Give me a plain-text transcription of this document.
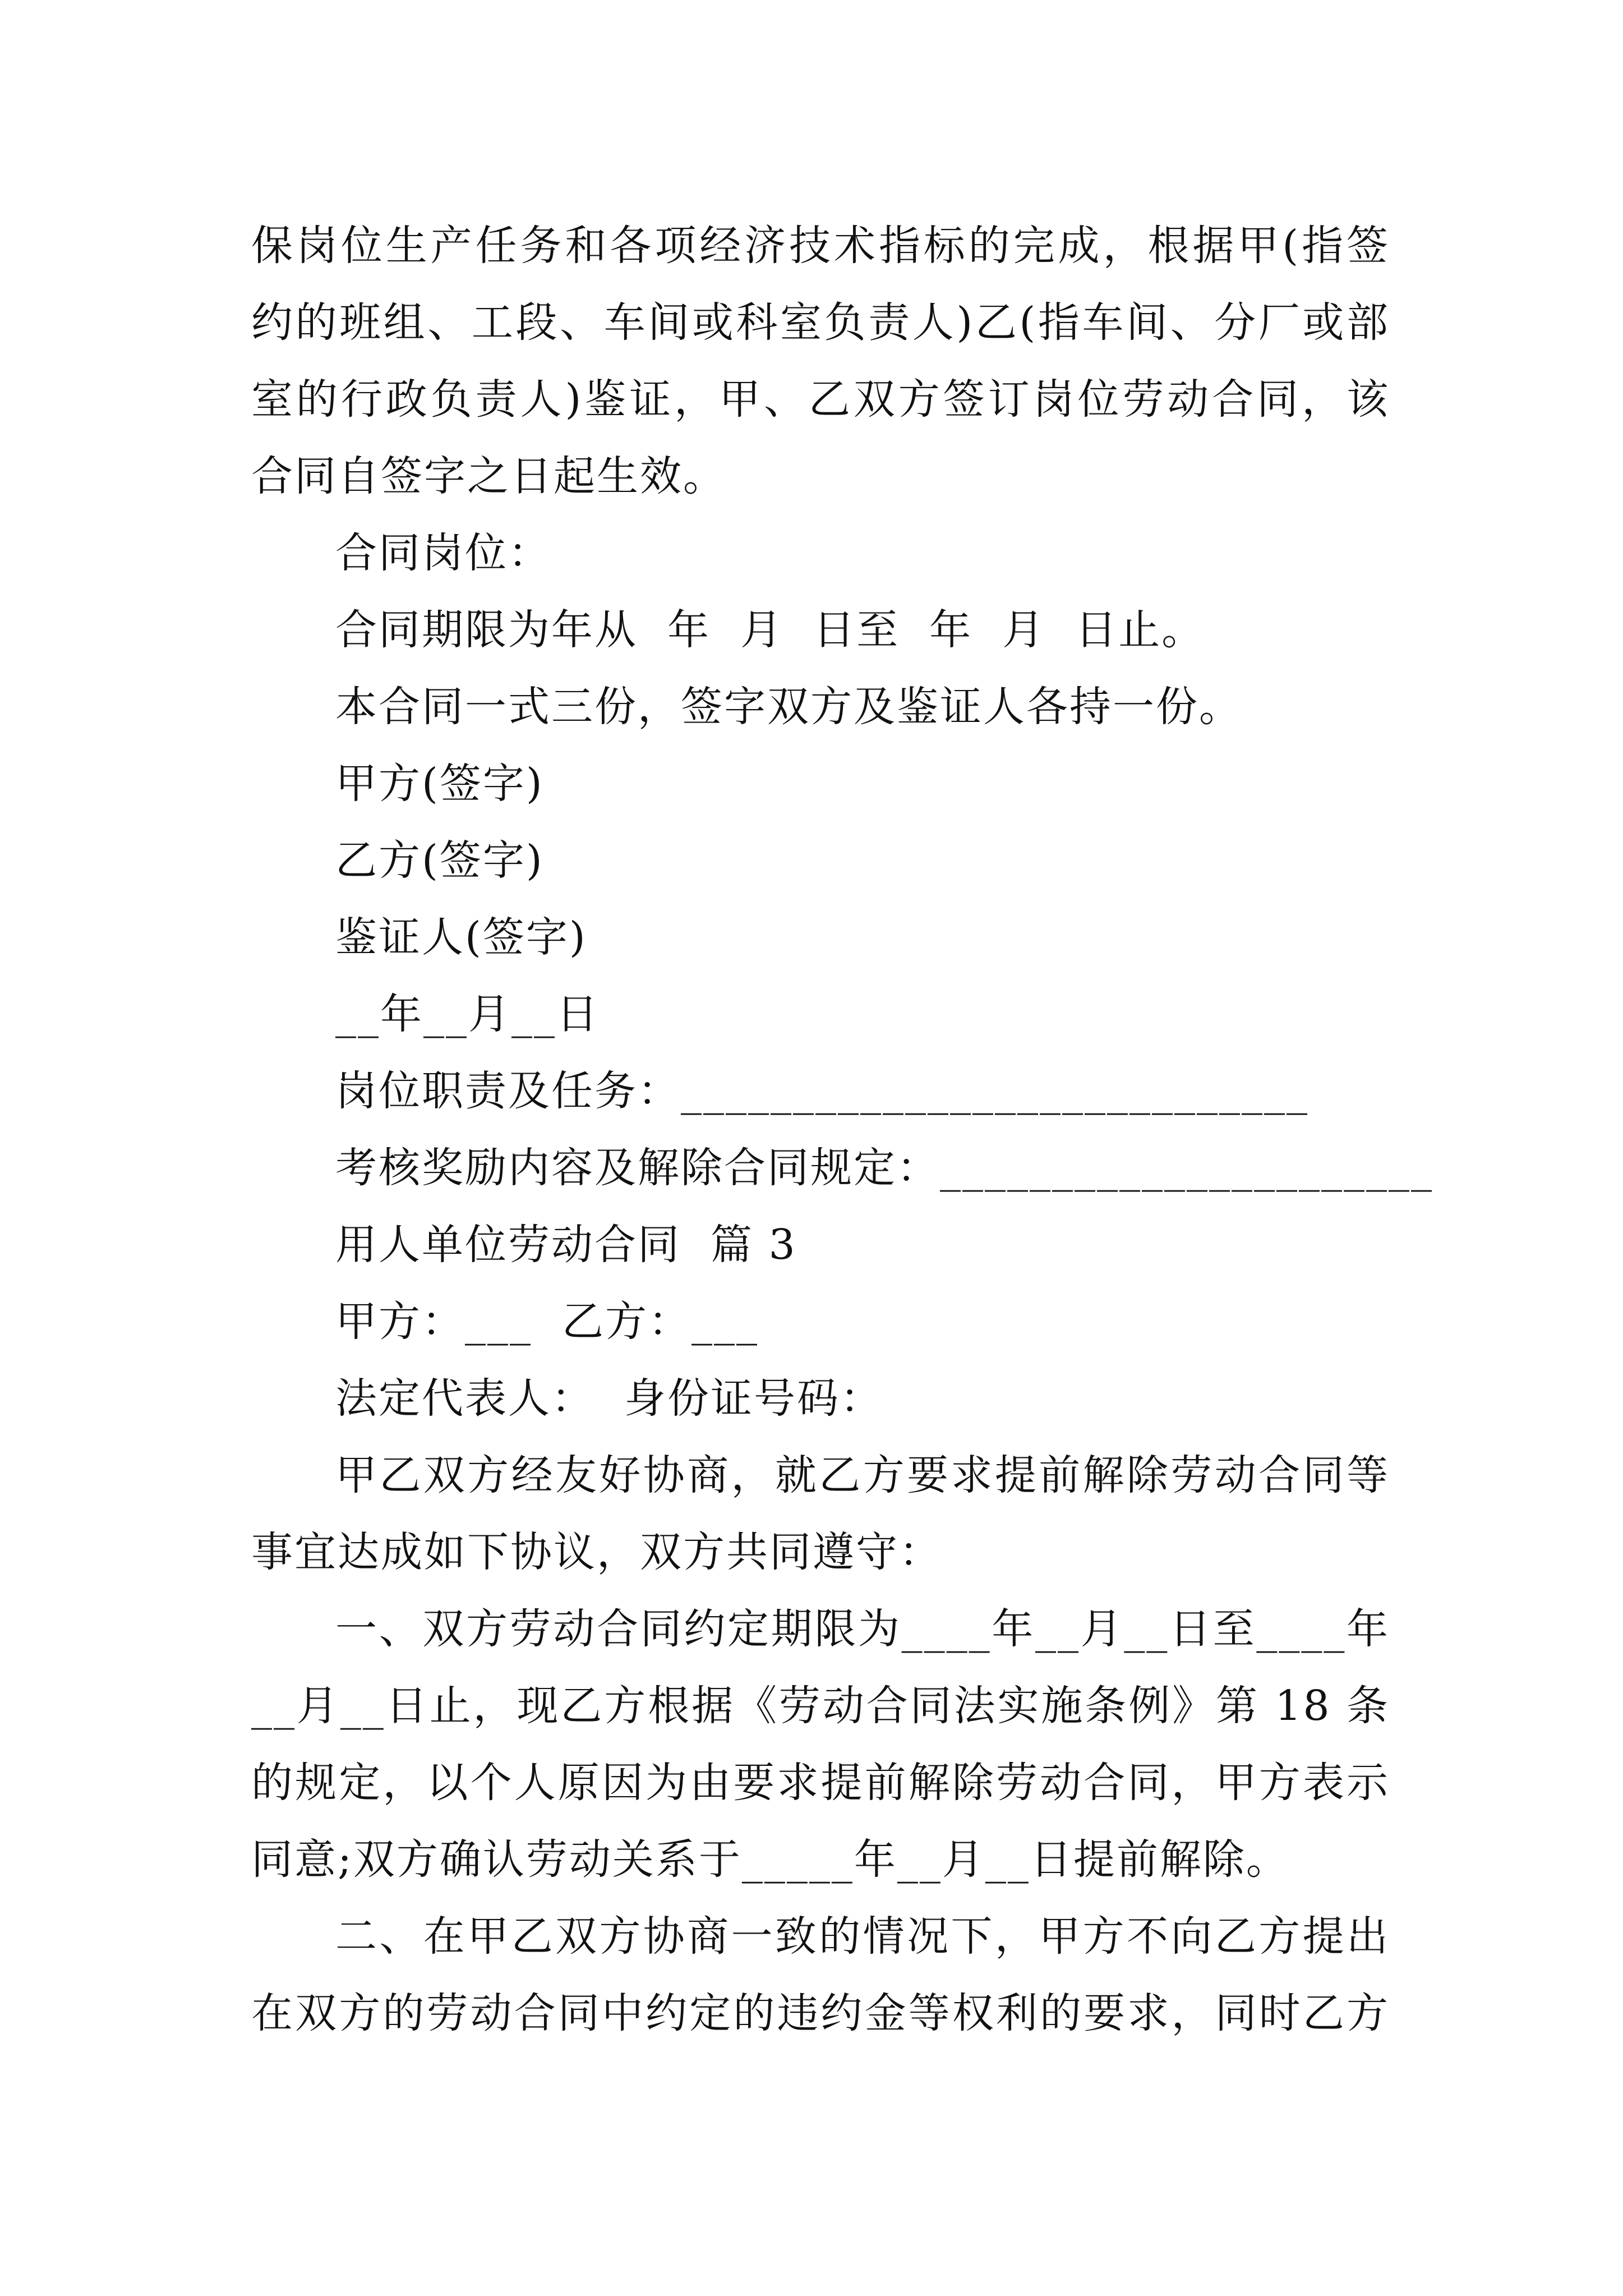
保岗位生产任务和各项经济技术指标的完成，根据甲(指签
约的班组、工段、车间或科室负责人)乙(指车间、分厂或部
室的行政负责人)鉴证，甲、乙双方签订岗位劳动合同，该
合同自签字之日起生效。
合同岗位：
合同期限为年从  年  月  日至  年  月  日止。
本合同一式三份，签字双方及鉴证人各持一份。
甲方(签字)
乙方(签字)
鉴证人(签字)
__年__月__日
岗位职责及任务：____________________________
考核奖励内容及解除合同规定：______________________
用人单位劳动合同  篇 3
甲方：___  乙方：___
法定代表人：  身份证号码：
甲乙双方经友好协商，就乙方要求提前解除劳动合同等
事宜达成如下协议，双方共同遵守：
一、双方劳动合同约定期限为____年__月__日至____年
__月__日止，现乙方根据《劳动合同法实施条例》第 18 条
的规定，以个人原因为由要求提前解除劳动合同，甲方表示
同意;双方确认劳动关系于_____年__月__日提前解除。
二、在甲乙双方协商一致的情况下，甲方不向乙方提出
在双方的劳动合同中约定的违约金等权利的要求，同时乙方
